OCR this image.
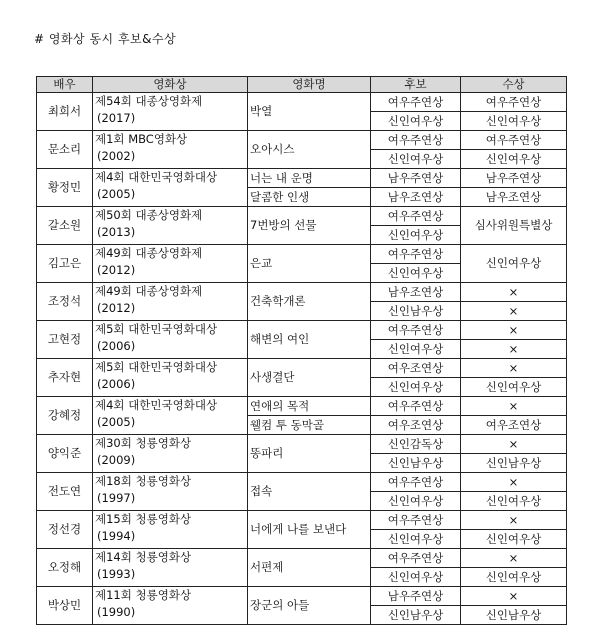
# 영화상 동시 후보&수상
배우	영화상	영화명	후보	수상
최희서	제54회 대종상영화제
(2017)	박열	여우주연상	여우주연상
			신인여우상	신인여우상
문소리	제1회 MBC영화상
(2002)	오아시스	여우주연상	여우주연상
			신인여우상	신인여우상
황정민	제4회 대한민국영화대상
(2005)	너는 내 운명	남우주연상	남우주연상
		달콤한 인생	남우조연상	남우조연상
갈소원	제50회 대종상영화제
(2013)	7번방의 선물	여우주연상	심사위원특별상
			신인여우상	
김고은	제49회 대종상영화제
(2012)	은교	여우주연상	신인여우상
			신인여우상	
조정석	제49회 대종상영화제
(2012)	건축학개론	남우조연상	×
			신인남우상	×
고현정	제5회 대한민국영화대상
(2006)	해변의 여인	여우주연상	×
			신인여우상	×
추자현	제5회 대한민국영화대상
(2006)	사생결단	여우조연상	×
			신인여우상	신인여우상
강혜정	제4회 대한민국영화대상
(2005)	연애의 목적	여우주연상	×
		웰컴 투 동막골	여우조연상	여우조연상
양익준	제30회 청룡영화상
(2009)	똥파리	신인감독상	×
			신인남우상	신인남우상
전도연	제18회 청룡영화상
(1997)	접속	여우주연상	×
			신인여우상	신인여우상
정선경	제15회 청룡영화상
(1994)	너에게 나를 보낸다	여우주연상	×
			신인여우상	신인여우상
오정해	제14회 청룡영화상
(1993)	서편제	여우주연상	×
			신인여우상	신인여우상
박상민	제11회 청룡영화상
(1990)	장군의 아들	남우주연상	×
			신인남우상	신인남우상
